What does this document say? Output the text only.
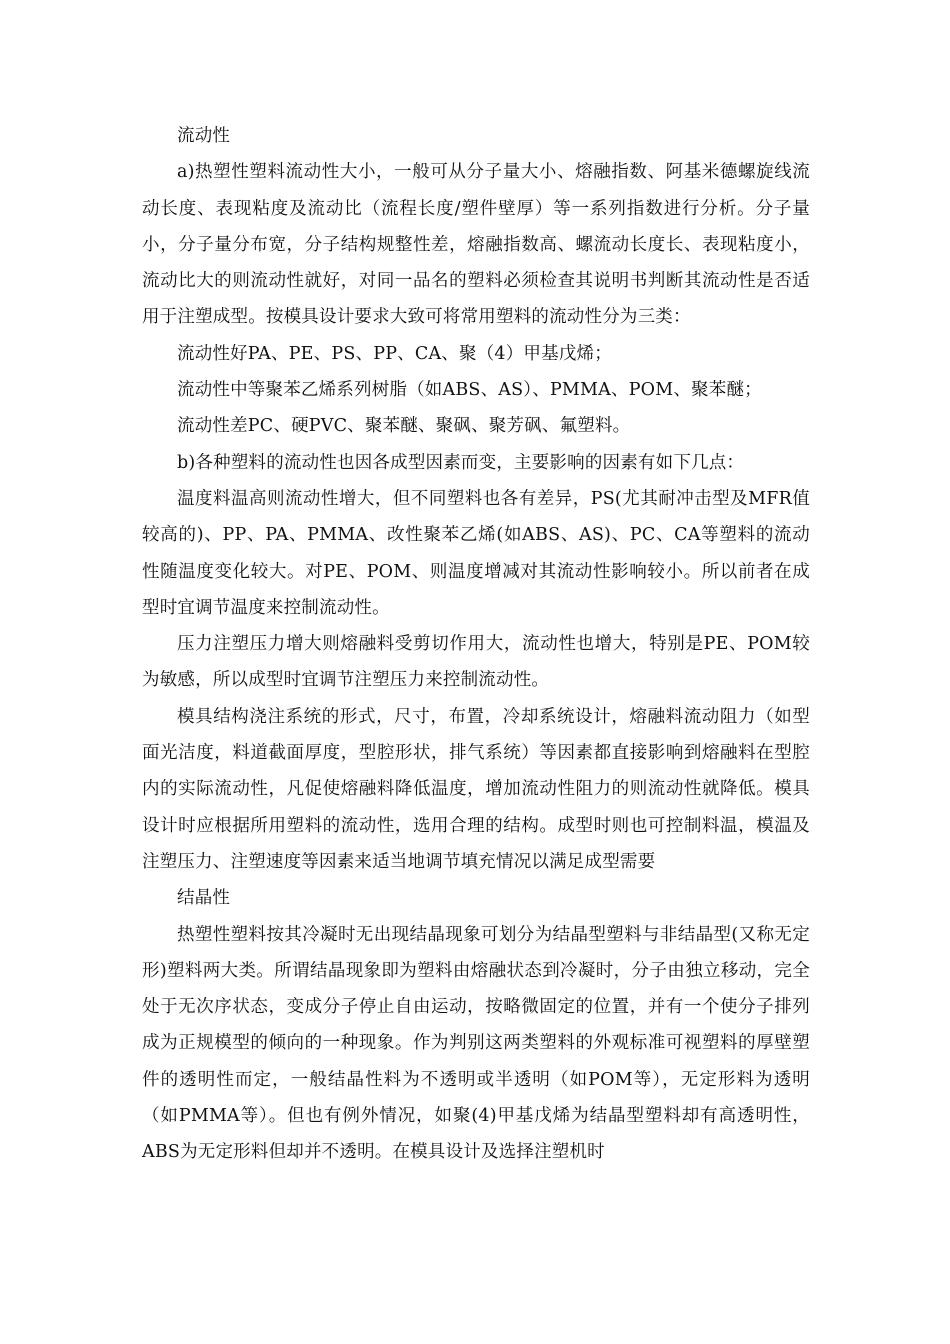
流动性

a)热塑性塑料流动性大小，一般可从分子量大小、熔融指数、阿基米德螺旋线流动长度、表现粘度及流动比（流程长度/塑件壁厚）等一系列指数进行分析。分子量小，分子量分布宽，分子结构规整性差，熔融指数高、螺流动长度长、表现粘度小，流动比大的则流动性就好，对同一品名的塑料必须检查其说明书判断其流动性是否适用于注塑成型。按模具设计要求大致可将常用塑料的流动性分为三类：

流动性好PA、PE、PS、PP、CA、聚（4）甲基戊烯；

流动性中等聚苯乙烯系列树脂（如ABS、AS）、PMMA、POM、聚苯醚；

流动性差PC、硬PVC、聚苯醚、聚砜、聚芳砜、氟塑料。

b)各种塑料的流动性也因各成型因素而变，主要影响的因素有如下几点：

温度料温高则流动性增大，但不同塑料也各有差异，PS(尤其耐冲击型及MFR值较高的)、PP、PA、PMMA、改性聚苯乙烯(如ABS、AS)、PC、CA等塑料的流动性随温度变化较大。对PE、POM、则温度增减对其流动性影响较小。所以前者在成型时宜调节温度来控制流动性。

压力注塑压力增大则熔融料受剪切作用大，流动性也增大，特别是PE、POM较为敏感，所以成型时宜调节注塑压力来控制流动性。

模具结构浇注系统的形式，尺寸，布置，冷却系统设计，熔融料流动阻力（如型面光洁度，料道截面厚度，型腔形状，排气系统）等因素都直接影响到熔融料在型腔内的实际流动性，凡促使熔融料降低温度，增加流动性阻力的则流动性就降低。模具设计时应根据所用塑料的流动性，选用合理的结构。成型时则也可控制料温，模温及注塑压力、注塑速度等因素来适当地调节填充情况以满足成型需要

结晶性

热塑性塑料按其冷凝时无出现结晶现象可划分为结晶型塑料与非结晶型(又称无定形)塑料两大类。所谓结晶现象即为塑料由熔融状态到冷凝时，分子由独立移动，完全处于无次序状态，变成分子停止自由运动，按略微固定的位置，并有一个使分子排列成为正规模型的倾向的一种现象。作为判别这两类塑料的外观标准可视塑料的厚壁塑件的透明性而定，一般结晶性料为不透明或半透明（如POM等），无定形料为透明（如PMMA等）。但也有例外情况，如聚(4)甲基戊烯为结晶型塑料却有高透明性，ABS为无定形料但却并不透明。在模具设计及选择注塑机时
